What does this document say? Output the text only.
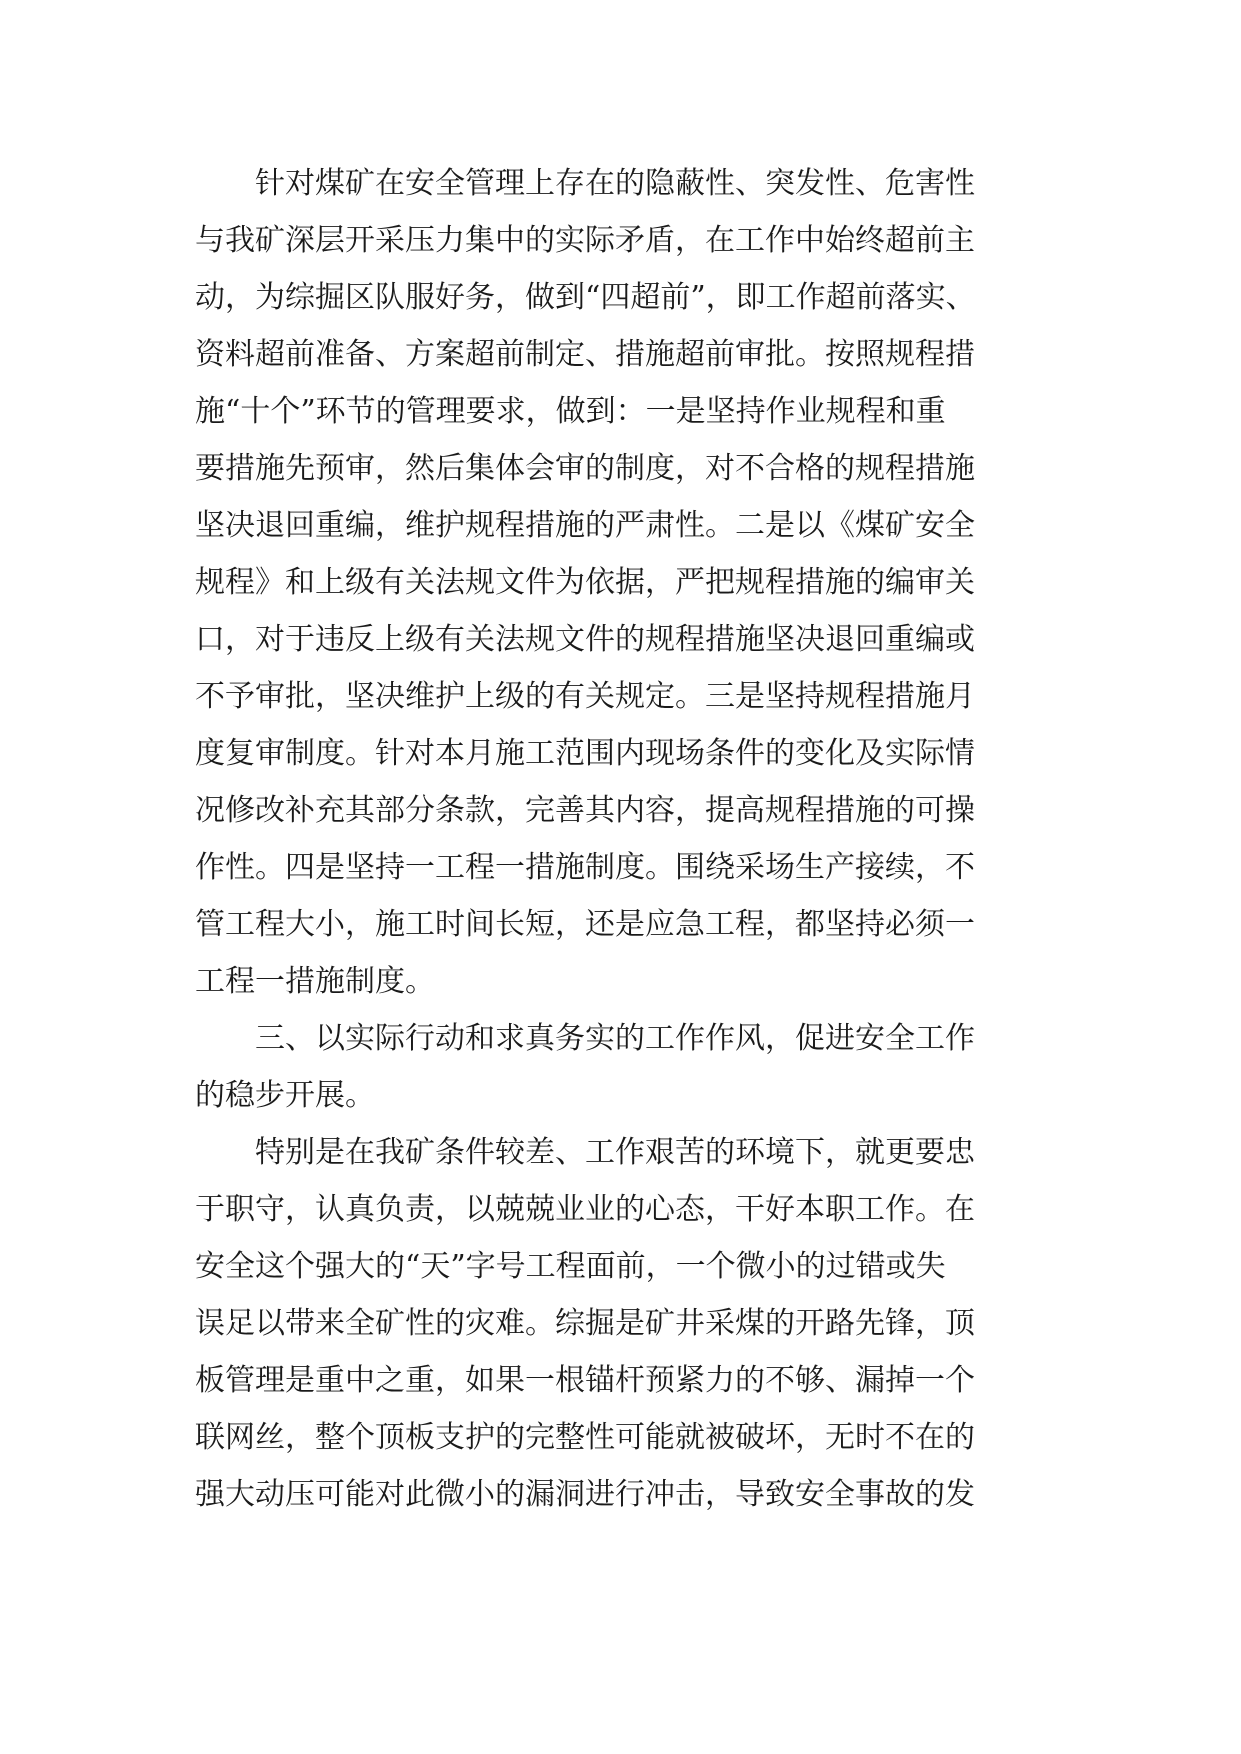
针对煤矿在安全管理上存在的隐蔽性、突发性、危害性
与我矿深层开采压力集中的实际矛盾，在工作中始终超前主
动，为综掘区队服好务，做到“四超前”，即工作超前落实、
资料超前准备、方案超前制定、措施超前审批。按照规程措
施“十个”环节的管理要求，做到：一是坚持作业规程和重
要措施先预审，然后集体会审的制度，对不合格的规程措施
坚决退回重编，维护规程措施的严肃性。二是以《煤矿安全
规程》和上级有关法规文件为依据，严把规程措施的编审关
口，对于违反上级有关法规文件的规程措施坚决退回重编或
不予审批，坚决维护上级的有关规定。三是坚持规程措施月
度复审制度。针对本月施工范围内现场条件的变化及实际情
况修改补充其部分条款，完善其内容，提高规程措施的可操
作性。四是坚持一工程一措施制度。围绕采场生产接续，不
管工程大小，施工时间长短，还是应急工程，都坚持必须一
工程一措施制度。
三、以实际行动和求真务实的工作作风，促进安全工作
的稳步开展。
特别是在我矿条件较差、工作艰苦的环境下，就更要忠
于职守，认真负责，以兢兢业业的心态，干好本职工作。在
安全这个强大的“天”字号工程面前，一个微小的过错或失
误足以带来全矿性的灾难。综掘是矿井采煤的开路先锋，顶
板管理是重中之重，如果一根锚杆预紧力的不够、漏掉一个
联网丝，整个顶板支护的完整性可能就被破坏，无时不在的
强大动压可能对此微小的漏洞进行冲击，导致安全事故的发
